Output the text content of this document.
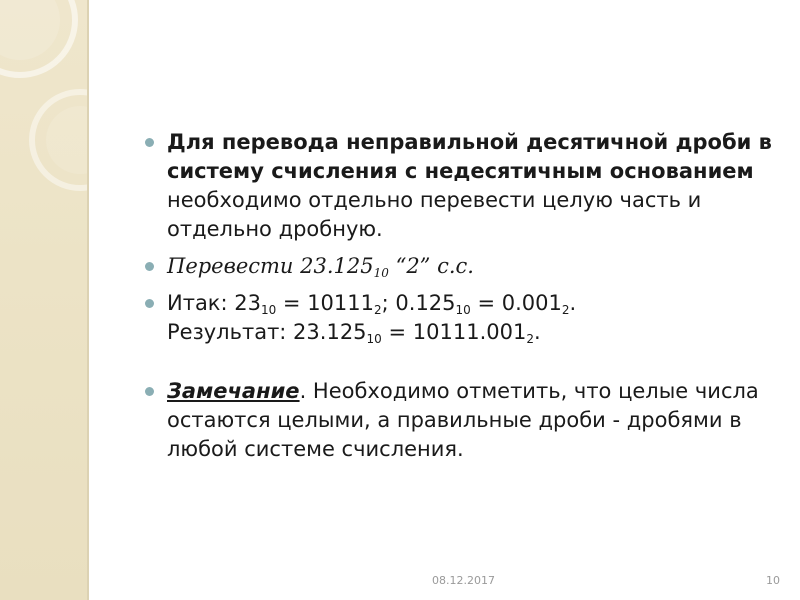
Для перевода неправильной десятичной дроби в систему счисления с недесятичным основанием необходимо отдельно перевести целую часть и отдельно дробную.

Перевести $23.125_{10}$ “2” с.с.

Итак: $23_{10} = 10111_2$; $0.125_{10} = 0.001_2$.
Результат: $23.125_{10} = 10111.001_2$.

Замечание. Необходимо отметить, что целые числа остаются целыми, а правильные дроби - дробями в любой системе счисления.

08.12.2017	10
